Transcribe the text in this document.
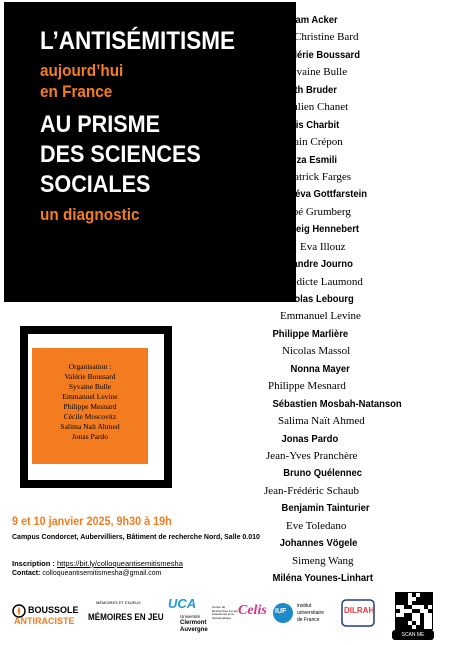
L’ANTISÉMITISME
aujourd’hui
en France
AU PRISME
DES SCIENCES
SOCIALES
un diagnostic
Organisation :
Valérie Boussard
Syvaine Bulle
Emmanuel Levine
Philippe Mesnard
Cécile Moscovitz
Salima Naït Ahmed
Jonas Pardo
9 et 10 janvier 2025, 9h30 à 19h
Campus Condorcet, Aubervilliers, Bâtiment de recherche Nord, Salle 0.010
Inscription : https://bit.ly/colloqueantisemitismesha
Contact: colloqueantisemitismesha@gmail.com
William Acker
Christine Bard
Valérie Boussard
Sylvaine Bulle
Edith Bruder
Julien Chanet
Denis Charbit
Sylvain Crépon
Hamza Esmili
Patrick Farges
Elishéva Gottfarstein
Zoé Grumberg
Solveig Hennebert
Eva Illouz
Alexandre Journo
Bénédicte Laumond
Nicolas Lebourg
Emmanuel Levine
Philippe Marlière
Nicolas Massol
Nonna Mayer
Philippe Mesnard
Sébastien Mosbah-Natanson
Salima Naït Ahmed
Jonas Pardo
Jean-Yves Pranchère
Bruno Quélennec
Jean-Frédéric Schaub
Benjamin Tainturier
Eve Toledano
Johannes Vögele
Simeng Wang
Miléna Younes-Linhart
BOUSSOLE
ANTIRACISTE
MÉMOIRES ET ENJEUX
MÉMOIRES EN JEU
UCA
Université
Clermont
Auvergne
Centre de Recherches sur les Littératures et la Sociopoétique Celis IUF
institut
universitaire
de France
DILRAH
SCAN ME
